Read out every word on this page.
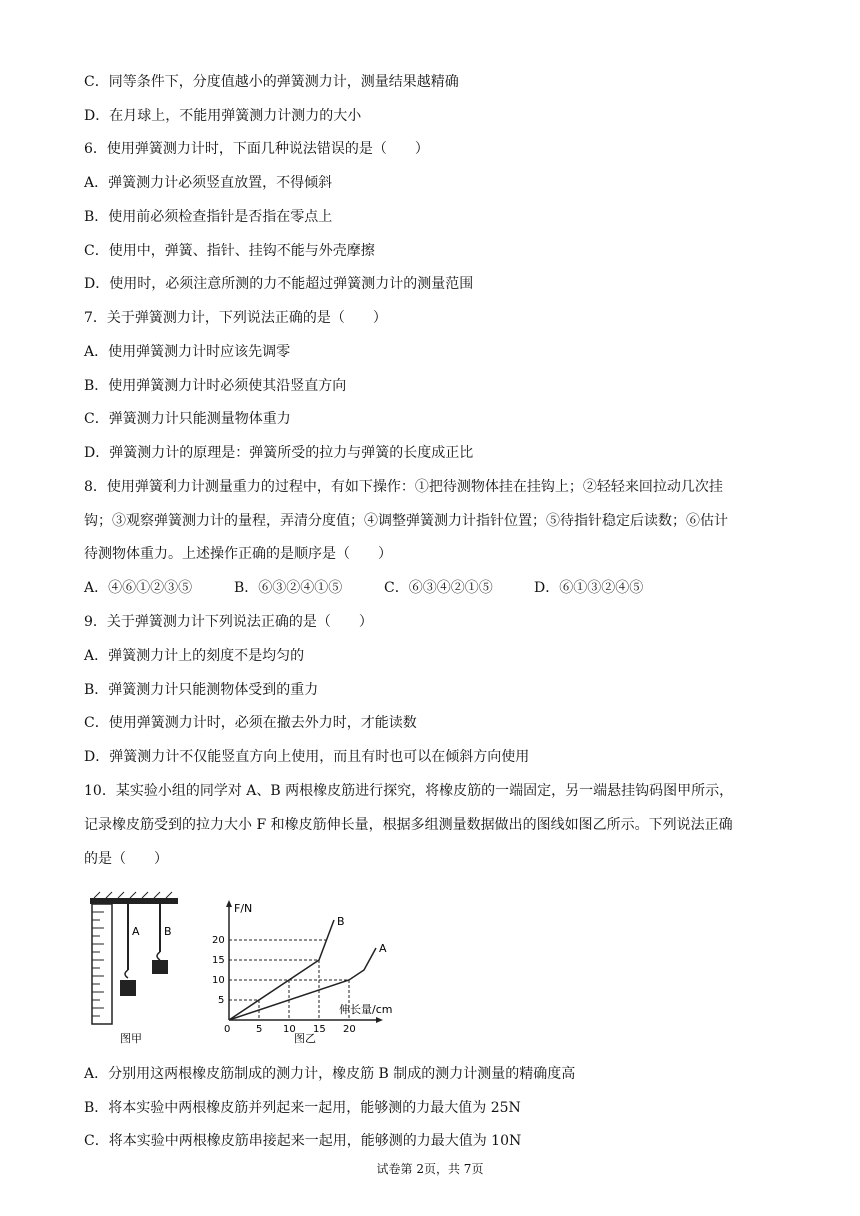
C．同等条件下，分度值越小的弹簧测力计，测量结果越精确
D．在月球上，不能用弹簧测力计测力的大小
6．使用弹簧测力计时，下面几种说法错误的是（　　）
A．弹簧测力计必须竖直放置，不得倾斜
B．使用前必须检查指针是否指在零点上
C．使用中，弹簧、指针、挂钩不能与外壳摩擦
D．使用时，必须注意所测的力不能超过弹簧测力计的测量范围
7．关于弹簧测力计，下列说法正确的是（　　）
A．使用弹簧测力计时应该先调零
B．使用弹簧测力计时必须使其沿竖直方向
C．弹簧测力计只能测量物体重力
D．弹簧测力计的原理是：弹簧所受的拉力与弹簧的长度成正比
8．使用弹簧利力计测量重力的过程中，有如下操作：①把待测物体挂在挂钩上；②轻轻来回拉动几次挂
钩；③观察弹簧测力计的量程，弄清分度值；④调整弹簧测力计指针位置；⑤待指针稳定后读数；⑥估计
待测物体重力。上述操作正确的是顺序是（　　）
A．④⑥①②③⑤	B．⑥③②④①⑤	C．⑥③④②①⑤	D．⑥①③②④⑤
9．关于弹簧测力计下列说法正确的是（　　）
A．弹簧测力计上的刻度不是均匀的
B．弹簧测力计只能测物体受到的重力
C．使用弹簧测力计时，必须在撤去外力时，才能读数
D．弹簧测力计不仅能竖直方向上使用，而且有时也可以在倾斜方向使用
10．某实验小组的同学对 A、B 两根橡皮筋进行探究，将橡皮筋的一端固定，另一端悬挂钩码图甲所示，
记录橡皮筋受到的拉力大小 F 和橡皮筋伸长量，根据多组测量数据做出的图线如图乙所示。下列说法正确
的是（　　）
A B
图甲
F/N
伸长量/cm
0
5
10
15
20
5 10 15 20
B
A
图乙
A．分别用这两根橡皮筋制成的测力计，橡皮筋 B 制成的测力计测量的精确度高
B．将本实验中两根橡皮筋并列起来一起用，能够测的力最大值为 25N
C．将本实验中两根橡皮筋串接起来一起用，能够测的力最大值为 10N
试卷第 2页，共 7页
